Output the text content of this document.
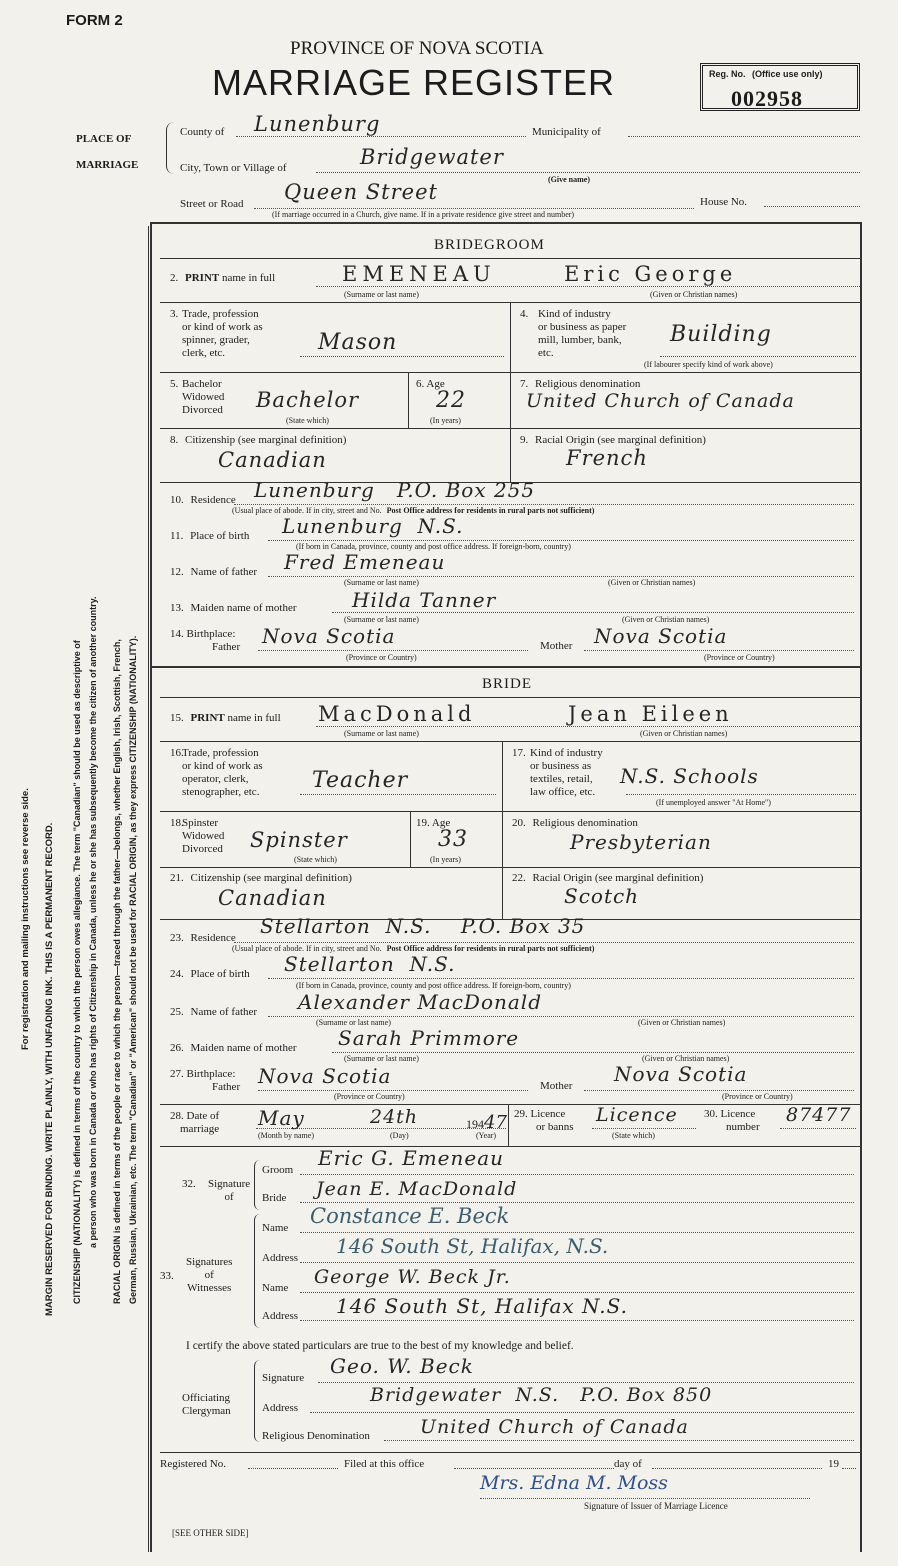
FORM 2
PROVINCE OF NOVA SCOTIA
MARRIAGE REGISTER	Reg. No. (Office use only)
002958
For registration and mailing instructions see reverse side. MARGIN RESERVED FOR BINDING. WRITE PLAINLY, WITH UNFADING INK. THIS IS A PERMANENT RECORD. CITIZENSHIP (NATIONALITY) is defined in terms of the country to which the person owes allegiance. The term "Canadian" should be used as descriptive of a person who was born in Canada or who has rights of Citizenship in Canada, unless he or she has subsequently become the citizen of another country. RACIAL ORIGIN is defined in terms of the people or race to which the person—traced through the father—belongs, whether English, Irish, Scottish, French, German, Russian, Ukrainian, etc. The term "Canadian" or "American" should not be used for RACIAL ORIGIN, as they express CITIZENSHIP (NATIONALITY).
PLACE OF
MARRIAGE
County of Lunenburg	Municipality of
City, Town or Village of	Bridgewater
(Give name)
Street or Road Queen Street	House No.
(If marriage occurred in a Church, give name. If in a private residence give street and number)
BRIDEGROOM
2. PRINT name in full	EMENEAU	Eric George
(Surname or last name)	(Given or Christian names)
3. Trade, profession
or kind of work as
spinner, grader,
clerk, etc.	Mason
4. Kind of industry
or business as paper
mill, lumber, bank,
etc.
Building
(If labourer specify kind of work above)
5. Bachelor
Widowed
Divorced Bachelor
(State which)
6. Age
22
(In years)
7. Religious denomination
United Church of Canada
8. Citizenship (see marginal definition)
Canadian
9. Racial Origin (see marginal definition)
French
10. Residence Lunenburg   P.O. Box 255
(Usual place of abode. If in city, street and No. Post Office address for residents in rural parts not sufficient)
11. Place of birth Lunenburg  N.S.
(If born in Canada, province, county and post office address. If foreign-born, country)
12. Name of father Fred Emeneau
(Surname or last name)	(Given or Christian names)
13. Maiden name of mother	Hilda Tanner
(Surname or last name)	(Given or Christian names)
14. Birthplace:
Father Nova Scotia	Mother Nova Scotia
(Province or Country)	(Province or Country)
BRIDE
15. PRINT name in full MacDonald	Jean Eileen
(Surname or last name)	(Given or Christian names)
16.
Trade, profession
or kind of work as
operator, clerk,
stenographer, etc. Teacher
17. Kind of industry
or business as
textiles, retail,
law office, etc.
N.S. Schools
(If unemployed answer "At Home")
18.
Spinster
Widowed
Divorced Spinster
(State which)
19. Age
33
(In years)
20. Religious denomination
Presbyterian
21. Citizenship (see marginal definition)
Canadian
22. Racial Origin (see marginal definition)
Scotch
23. Residence Stellarton  N.S.    P.O. Box 35
(Usual place of abode. If in city, street and No. Post Office address for residents in rural parts not sufficient)
24. Place of birth Stellarton  N.S.
(If born in Canada, province, county and post office address. If foreign-born, country)
25. Name of father Alexander MacDonald
(Surname or last name)	(Given or Christian names)
26. Maiden name of mother Sarah Primmore
(Surname or last name)	(Given or Christian names)
27. Birthplace:
Father Nova Scotia	Mother Nova Scotia
(Province or Country)	(Province or Country)
28. Date of
marriage May	24th	19447
(Month by name)	(Day)	(Year)
29. Licence
or banns
Licence
(State which)
30. Licence
number
87477
32. Signature
of
Groom Eric G. Emeneau
Bride Jean E. MacDonald
33.
Signatures
of
Witnesses
Name Constance E. Beck
Address 146 South St, Halifax, N.S.
Name George W. Beck Jr.
Address 146 South St, Halifax N.S.
I certify the above stated particulars are true to the best of my knowledge and belief.
Officiating
Clergyman
Signature Geo. W. Beck
Address
Bridgewater  N.S.   P.O. Box 850
Religious Denomination	United Church of Canada
Registered No.	Filed at this office	day of	19
Mrs. Edna M. Moss
Signature of Issuer of Marriage Licence
[SEE OTHER SIDE]
